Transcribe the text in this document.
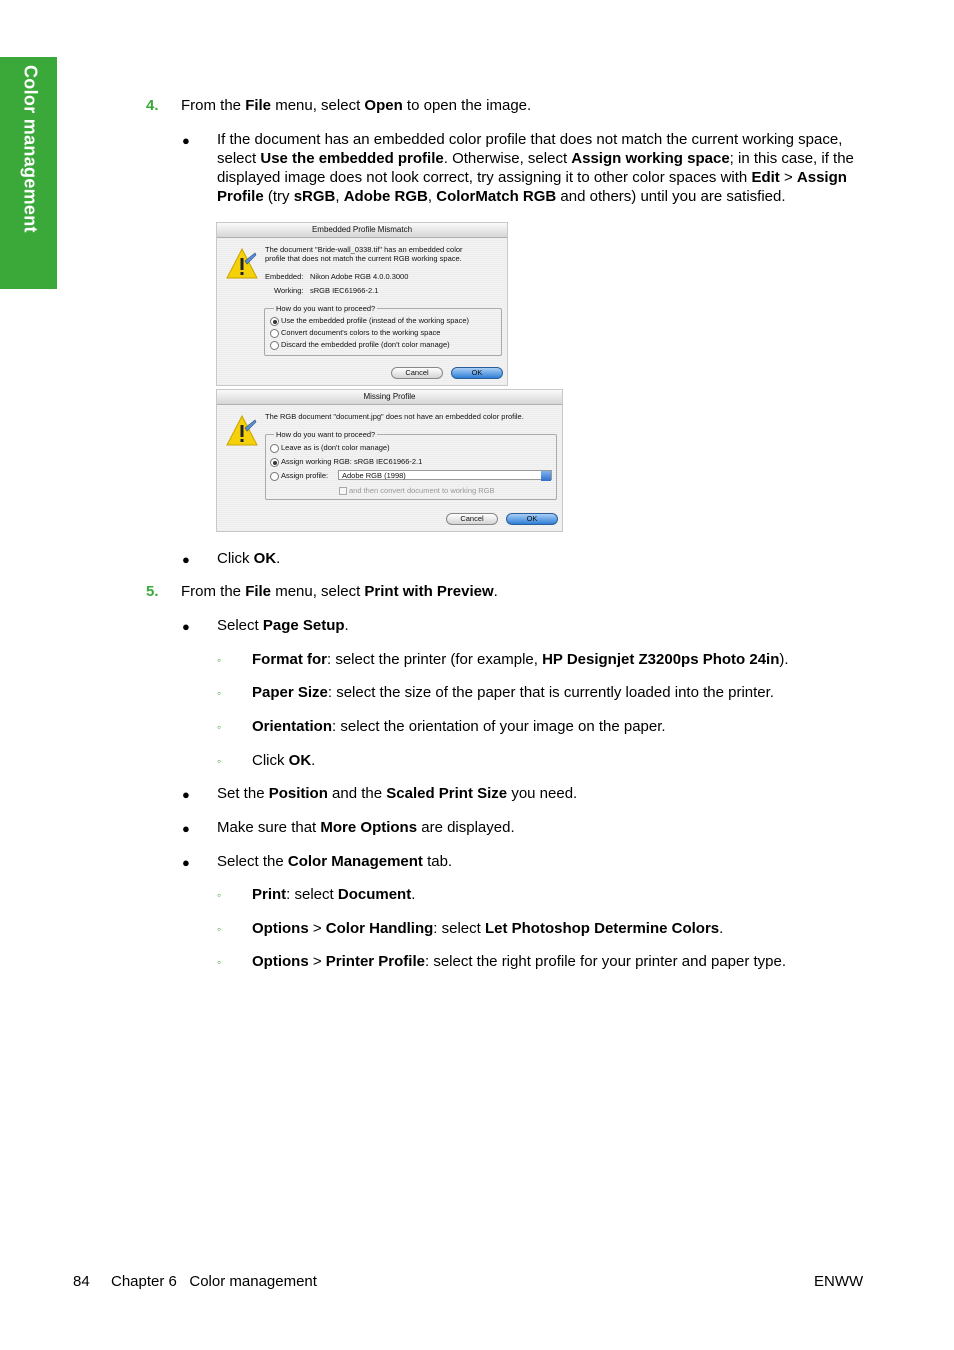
Color management	4. From the File menu, select Open to open the image.
● If the document has an embedded color profile that does not match the current working space, select Use the embedded profile. Otherwise, select Assign working space; in this case, if the displayed image does not look correct, try assigning it to other color spaces with Edit > Assign Profile (try sRGB, Adobe RGB, ColorMatch RGB and others) until you are satisfied.
Embedded Profile Mismatch
The document "Bride-wall_0338.tif" has an embedded color
profile that does not match the current RGB working space.
Embedded: Nikon Adobe RGB 4.0.0.3000
Working: sRGB IEC61966-2.1
How do you want to proceed?
Use the embedded profile (instead of the working space)
Convert document's colors to the working space
Discard the embedded profile (don't color manage)
Cancel	OK
Missing Profile
The RGB document "document.jpg" does not have an embedded color profile.
How do you want to proceed?
Leave as is (don't color manage)
Assign working RGB: sRGB IEC61966-2.1
Assign profile:	Adobe RGB (1998)
and then convert document to working RGB
Cancel	OK
● Click OK.
5. From the File menu, select Print with Preview.
● Select Page Setup.
◦ Format for: select the printer (for example, HP Designjet Z3200ps Photo 24in).
◦ Paper Size: select the size of the paper that is currently loaded into the printer.
◦ Orientation: select the orientation of your image on the paper.
◦ Click OK.
● Set the Position and the Scaled Print Size you need.
● Make sure that More Options are displayed.
● Select the Color Management tab.
◦ Print: select Document.
◦ Options > Color Handling: select Let Photoshop Determine Colors.
◦ Options > Printer Profile: select the right profile for your printer and paper type.
84 Chapter 6   Color management	ENWW
